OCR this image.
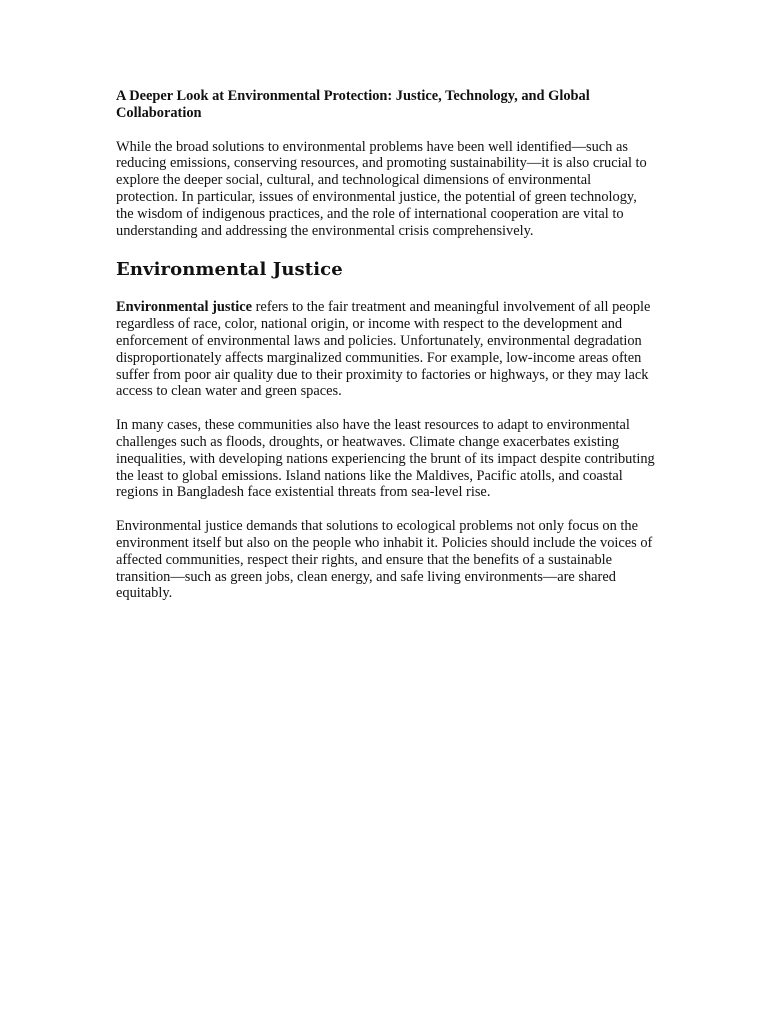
A Deeper Look at Environmental Protection: Justice, Technology, and Global Collaboration

While the broad solutions to environmental problems have been well identified—such as reducing emissions, conserving resources, and promoting sustainability—it is also crucial to explore the deeper social, cultural, and technological dimensions of environmental protection. In particular, issues of environmental justice, the potential of green technology, the wisdom of indigenous practices, and the role of international cooperation are vital to understanding and addressing the environmental crisis comprehensively.

Environmental Justice

Environmental justice refers to the fair treatment and meaningful involvement of all people regardless of race, color, national origin, or income with respect to the development and enforcement of environmental laws and policies. Unfortunately, environmental degradation disproportionately affects marginalized communities. For example, low-income areas often suffer from poor air quality due to their proximity to factories or highways, or they may lack access to clean water and green spaces.

In many cases, these communities also have the least resources to adapt to environmental challenges such as floods, droughts, or heatwaves. Climate change exacerbates existing inequalities, with developing nations experiencing the brunt of its impact despite contributing the least to global emissions. Island nations like the Maldives, Pacific atolls, and coastal regions in Bangladesh face existential threats from sea-level rise.

Environmental justice demands that solutions to ecological problems not only focus on the environment itself but also on the people who inhabit it. Policies should include the voices of affected communities, respect their rights, and ensure that the benefits of a sustainable transition—such as green jobs, clean energy, and safe living environments—are shared equitably.
